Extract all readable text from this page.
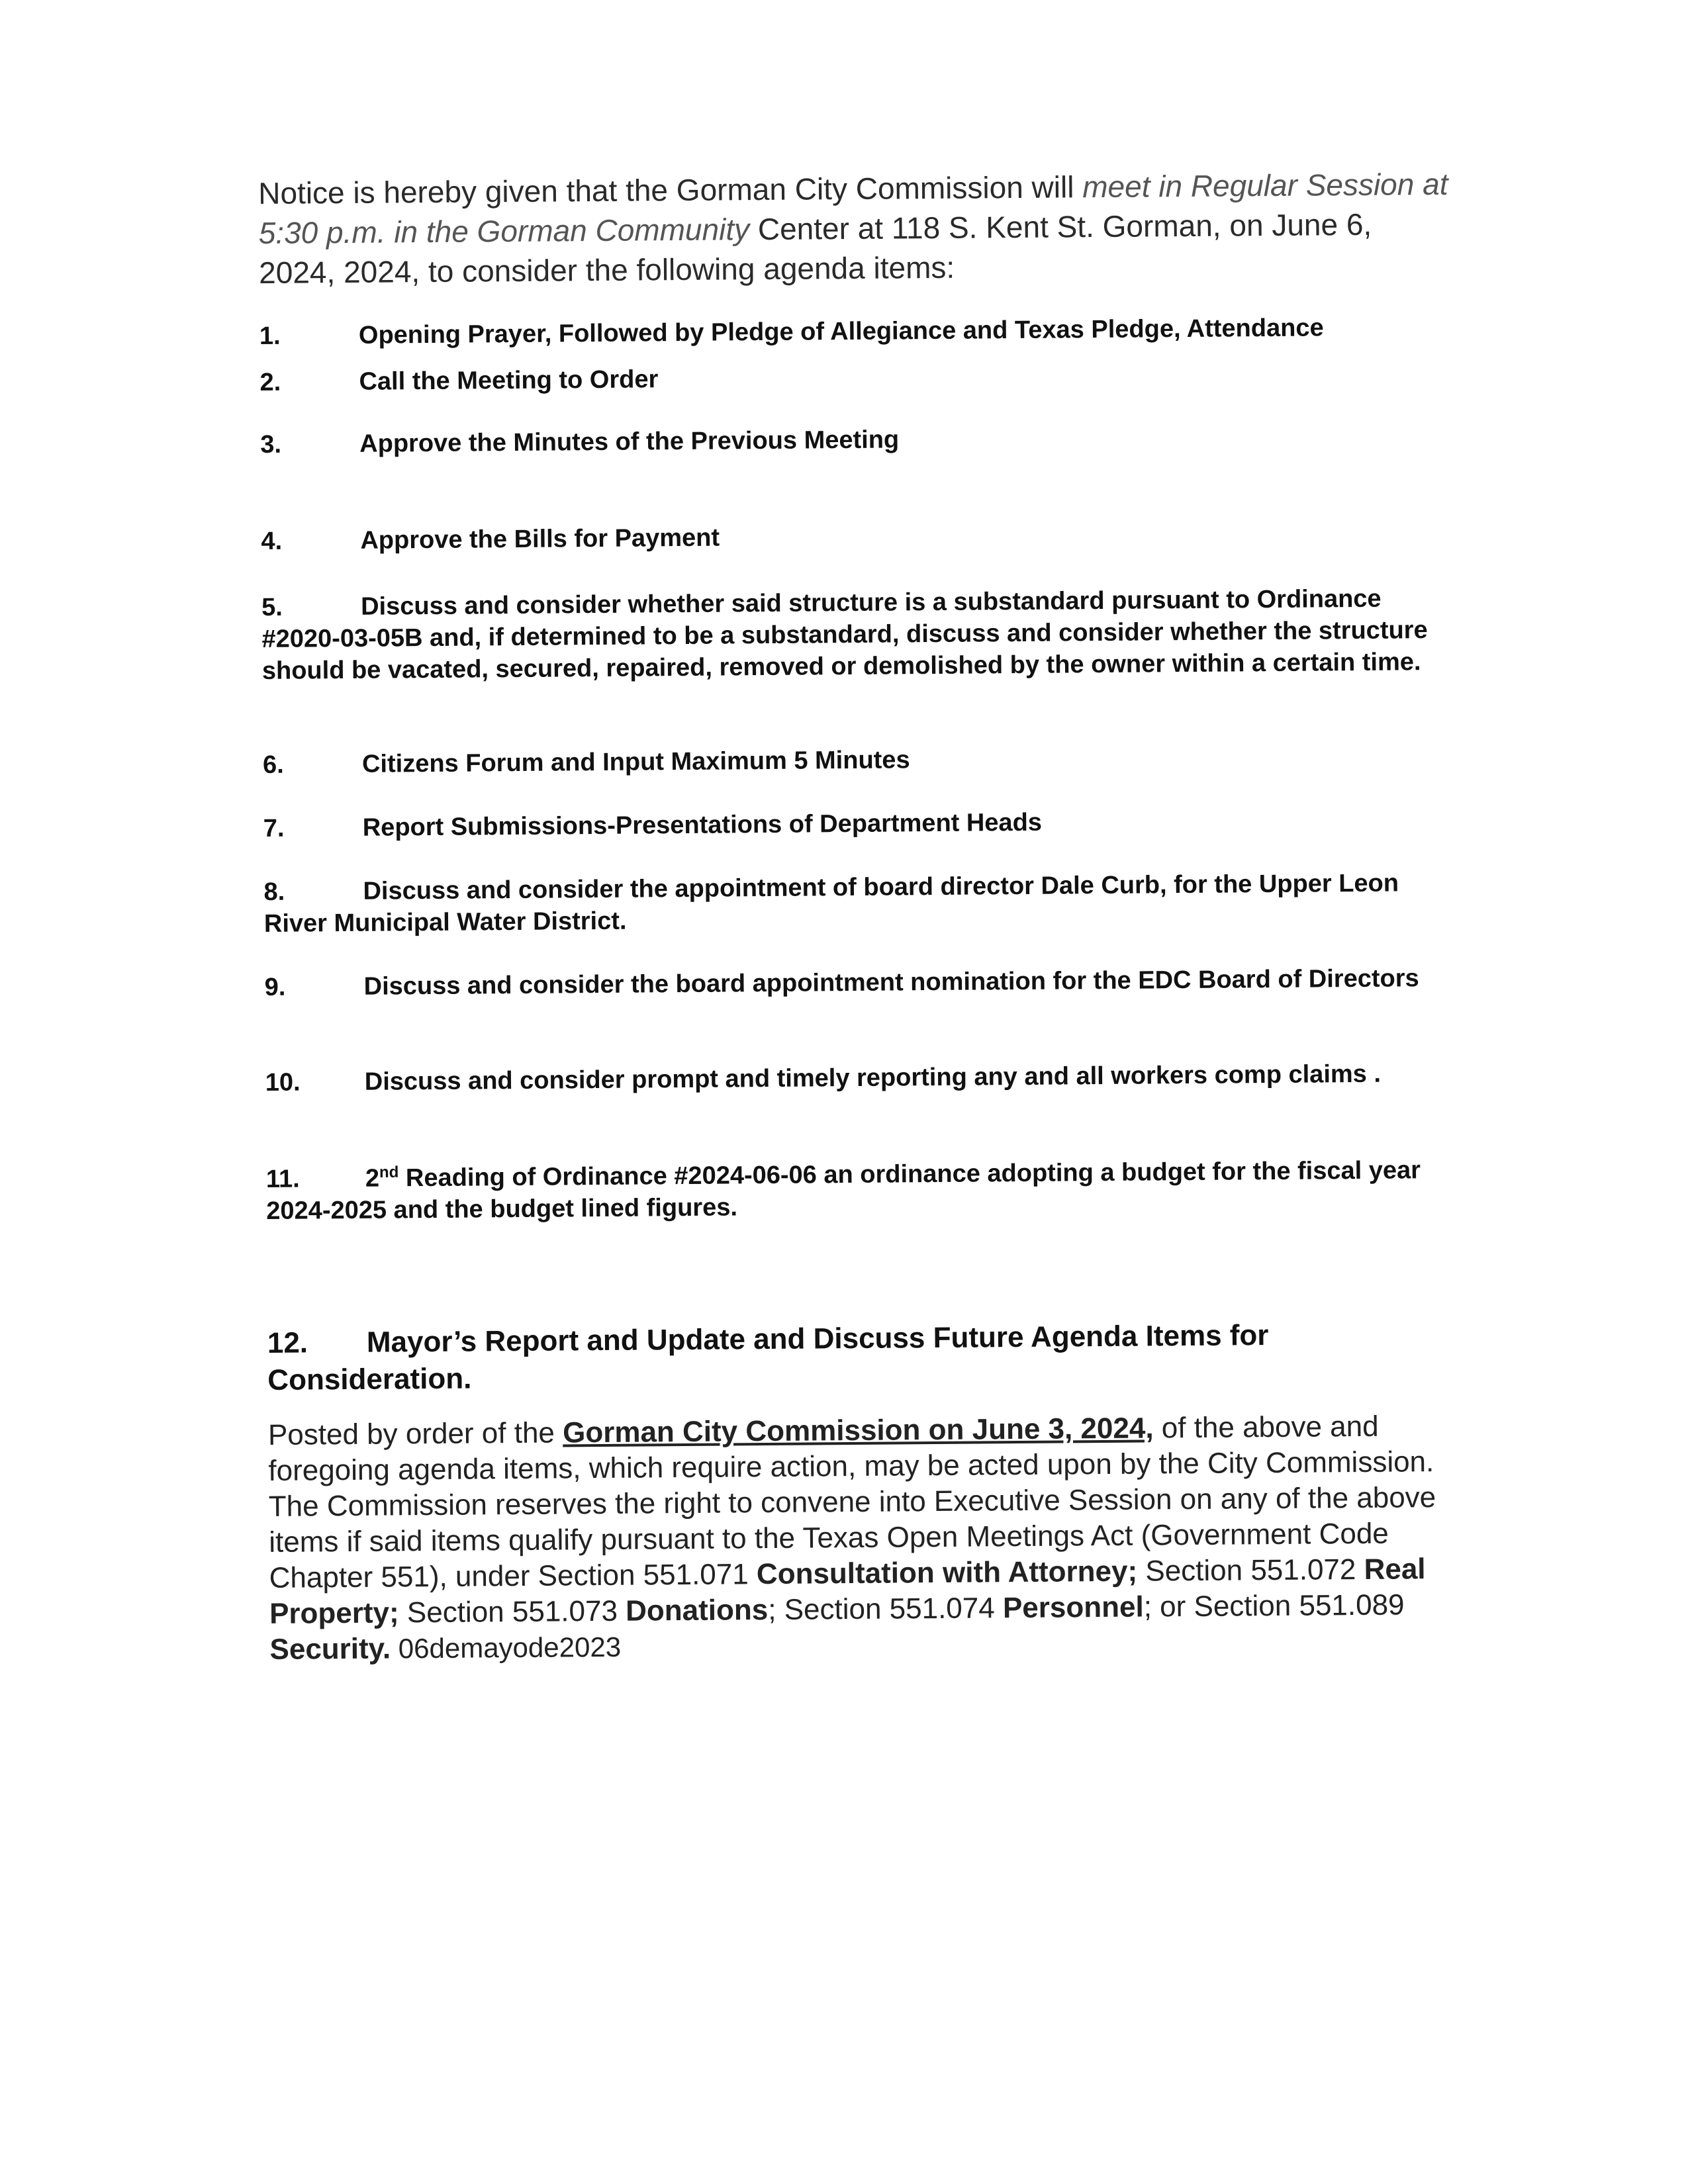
Notice is hereby given that the Gorman City Commission will meet in Regular Session at 5:30 p.m. in the Gorman Community Center at 118 S. Kent St. Gorman, on June 6, 2024, 2024, to consider the following agenda items:

1.	Opening Prayer, Followed by Pledge of Allegiance and Texas Pledge, Attendance
2.	Call the Meeting to Order
3.	Approve the Minutes of the Previous Meeting
4.	Approve the Bills for Payment
5.	Discuss and consider whether said structure is a substandard pursuant to Ordinance #2020-03-05B and, if determined to be a substandard, discuss and consider whether the structure should be vacated, secured, repaired, removed or demolished by the owner within a certain time.
6.	Citizens Forum and Input Maximum 5 Minutes
7.	Report Submissions-Presentations of Department Heads
8.	Discuss and consider the appointment of board director Dale Curb, for the Upper Leon River Municipal Water District.
9.	Discuss and consider the board appointment nomination for the EDC Board of Directors
10.	Discuss and consider prompt and timely reporting any and all workers comp claims .
11.	2nd Reading of Ordinance #2024-06-06 an ordinance adopting a budget for the fiscal year 2024-2025 and the budget lined figures.
12. Mayor’s Report and Update and Discuss Future Agenda Items for Consideration.
Posted by order of the Gorman City Commission on June 3, 2024, of the above and foregoing agenda items, which require action, may be acted upon by the City Commission. The Commission reserves the right to convene into Executive Session on any of the above items if said items qualify pursuant to the Texas Open Meetings Act (Government Code Chapter 551), under Section 551.071 Consultation with Attorney; Section 551.072 Real Property; Section 551.073 Donations; Section 551.074 Personnel; or Section 551.089 Security. 06demayode2023
